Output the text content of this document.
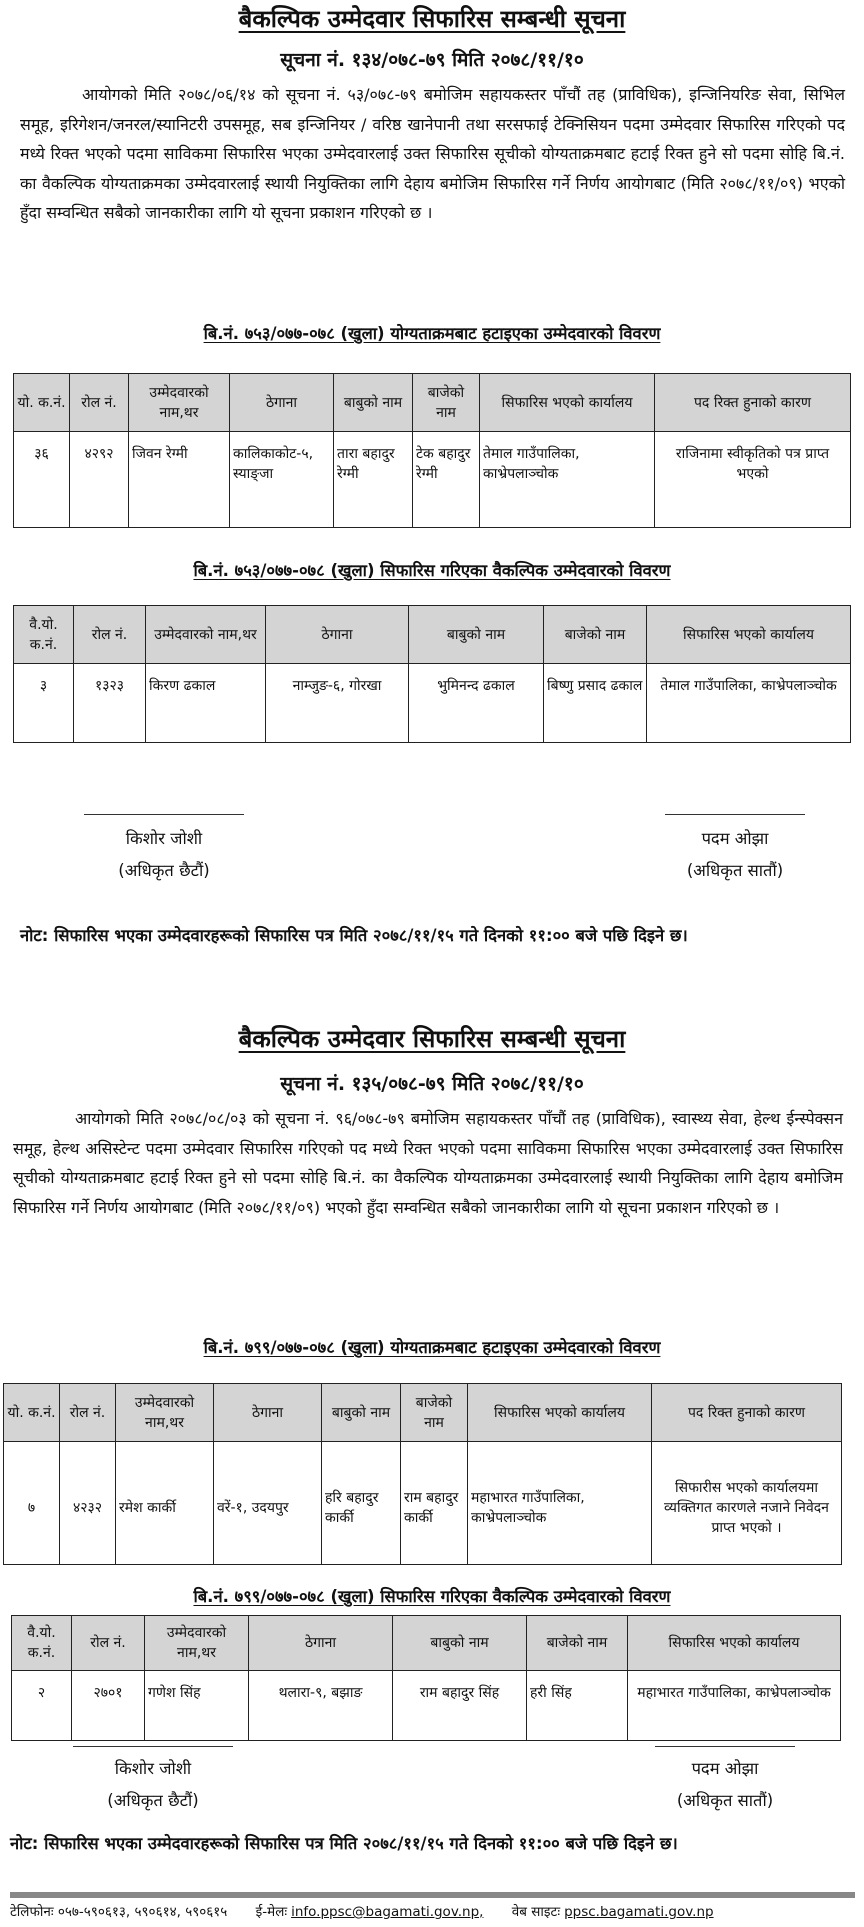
बैकल्पिक उम्मेदवार सिफारिस सम्बन्धी सूचना
सूचना नं. १३४/०७८-७९ मिति २०७८/११/१०
आयोगको मिति २०७८/०६/१४ को सूचना नं. ५३/०७८-७९ बमोजिम सहायकस्तर पाँचौं तह (प्राविधिक), इन्जिनियरिङ सेवा, सिभिल समूह, इरिगेशन/जनरल/स्यानिटरी उपसमूह, सब इन्जिनियर / वरिष्ठ खानेपानी तथा सरसफाई टेक्निसियन पदमा उम्मेदवार सिफारिस गरिएको पद मध्ये रिक्त भएको पदमा साविकमा सिफारिस भएका उम्मेदवारलाई उक्त सिफारिस सूचीको योग्यताक्रमबाट हटाई रिक्त हुने सो पदमा सोहि बि.नं. का वैकल्पिक योग्यताक्रमका उम्मेदवारलाई स्थायी नियुक्तिका लागि देहाय बमोजिम सिफारिस गर्ने निर्णय आयोगबाट (मिति २०७८/११/०९) भएको हुँदा सम्वन्धित सबैको जानकारीका लागि यो सूचना प्रकाशन गरिएको छ ।
बि.नं. ७५३/०७७-०७८ (खुला) योग्यताक्रमबाट हटाइएका उम्मेदवारको विवरण
यो. क.नं.	रोल नं.	उम्मेदवारको नाम,थर	ठेगाना	बाबुको नाम	बाजेको नाम	सिफारिस भएको कार्यालय	पद रिक्त हुनाको कारण
३६	४२९२	जिवन रेग्मी	कालिकाकोट-५, स्याङ्जा	तारा बहादुर रेग्मी	टेक बहादुर रेग्मी	तेमाल गाउँपालिका, काभ्रेपलाञ्चोक	राजिनामा स्वीकृतिको पत्र प्राप्त भएको
बि.नं. ७५३/०७७-०७८ (खुला) सिफारिस गरिएका वैकल्पिक उम्मेदवारको विवरण
वै.यो. क.नं.	रोल नं.	उम्मेदवारको नाम,थर	ठेगाना	बाबुको नाम	बाजेको नाम	सिफारिस भएको कार्यालय
३	१३२३	किरण ढकाल	नाम्जुङ-६, गोरखा	भुमिनन्द ढकाल	बिष्णु प्रसाद ढकाल	तेमाल गाउँपालिका, काभ्रेपलाञ्चोक
किशोर जोशी
(अधिकृत छैटौं)
पदम ओझा
(अधिकृत सातौं)
नोट: सिफारिस भएका उम्मेदवारहरूको सिफारिस पत्र मिति २०७८/११/१५ गते दिनको ११:०० बजे पछि दिइने छ।
बैकल्पिक उम्मेदवार सिफारिस सम्बन्धी सूचना
सूचना नं. १३५/०७८-७९ मिति २०७८/११/१०
आयोगको मिति २०७८/०८/०३ को सूचना नं. ९६/०७८-७९ बमोजिम सहायकस्तर पाँचौं तह (प्राविधिक), स्वास्थ्य सेवा, हेल्थ ईन्स्पेक्सन समूह, हेल्थ असिस्टेन्ट पदमा उम्मेदवार सिफारिस गरिएको पद मध्ये रिक्त भएको पदमा साविकमा सिफारिस भएका उम्मेदवारलाई उक्त सिफारिस सूचीको योग्यताक्रमबाट हटाई रिक्त हुने सो पदमा सोहि बि.नं. का वैकल्पिक योग्यताक्रमका उम्मेदवारलाई स्थायी नियुक्तिका लागि देहाय बमोजिम सिफारिस गर्ने निर्णय आयोगबाट (मिति २०७८/११/०९) भएको हुँदा सम्वन्धित सबैको जानकारीका लागि यो सूचना प्रकाशन गरिएको छ ।
बि.नं. ७९९/०७७-०७८ (खुला) योग्यताक्रमबाट हटाइएका उम्मेदवारको विवरण
यो. क.नं.	रोल नं.	उम्मेदवारको नाम,थर	ठेगाना	बाबुको नाम	बाजेको नाम	सिफारिस भएको कार्यालय	पद रिक्त हुनाको कारण
७	४२३२	रमेश कार्की	वरें-१, उदयपुर	हरि बहादुर कार्की	राम बहादुर कार्की	महाभारत गाउँपालिका, काभ्रेपलाञ्चोक	सिफारीस भएको कार्यालयमा व्यक्तिगत कारणले नजाने निवेदन प्राप्त भएको ।
बि.नं. ७९९/०७७-०७८ (खुला) सिफारिस गरिएका वैकल्पिक उम्मेदवारको विवरण
वै.यो. क.नं.	रोल नं.	उम्मेदवारको नाम,थर	ठेगाना	बाबुको नाम	बाजेको नाम	सिफारिस भएको कार्यालय
२	२७०१	गणेश सिंह	थलारा-९, बझाङ	राम बहादुर सिंह	हरी सिंह	महाभारत गाउँपालिका, काभ्रेपलाञ्चोक
किशोर जोशी
(अधिकृत छैटौं)
पदम ओझा
(अधिकृत सातौं)
नोट: सिफारिस भएका उम्मेदवारहरूको सिफारिस पत्र मिति २०७८/११/१५ गते दिनको ११:०० बजे पछि दिइने छ।
टेलिफोनः ०५७-५९०६१३, ५९०६१४, ५९०६१५ ई-मेलः info.ppsc@bagamati.gov.np, वेब साइटः ppsc.bagamati.gov.np
